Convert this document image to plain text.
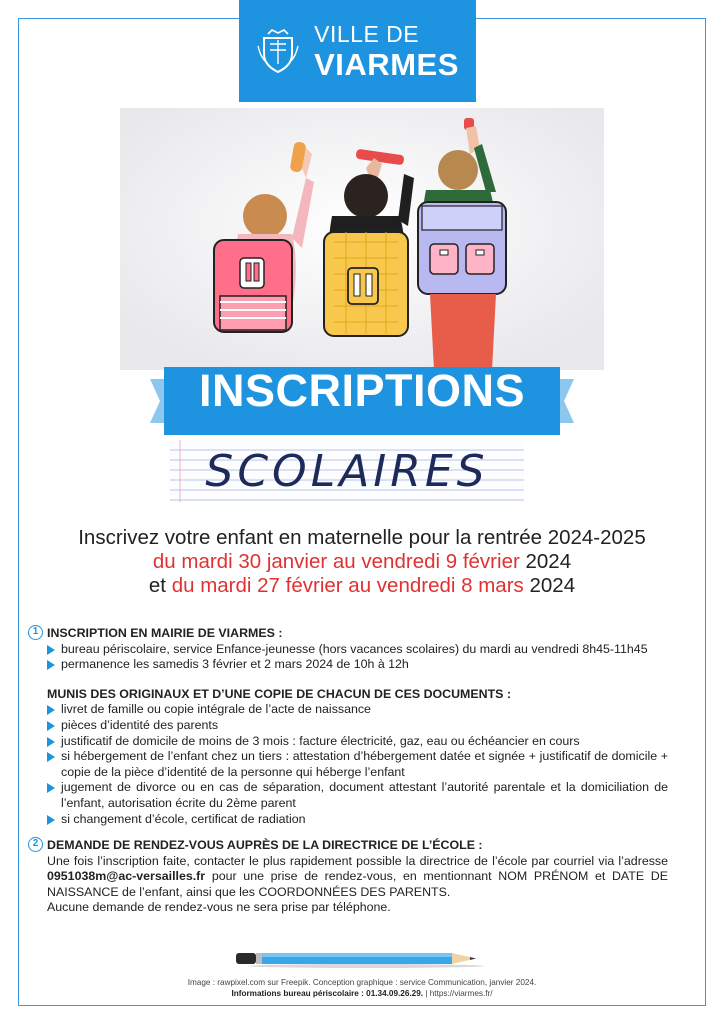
VILLE DE
VIARMES
INSCRIPTIONS
SCOLAIRES
Inscrivez votre enfant en maternelle pour la rentrée 2024-2025
du mardi 30 janvier au vendredi 9 février 2024
et du mardi 27 février au vendredi 8 mars 2024
1 INSCRIPTION EN MAIRIE DE VIARMES :
bureau périscolaire, service Enfance-jeunesse (hors vacances scolaires) du mardi au vendredi 8h45-11h45
permanence les samedis 3 février et 2 mars 2024 de 10h à 12h
MUNIS DES ORIGINAUX ET D’UNE COPIE DE CHACUN DE CES DOCUMENTS :
livret de famille ou copie intégrale de l’acte de naissance
pièces d’identité des parents
justificatif de domicile de moins de 3 mois : facture électricité, gaz, eau ou échéancier en cours
si hébergement de l’enfant chez un tiers : attestation d’hébergement datée et signée + justificatif de domicile + copie de la pièce d’identité de la personne qui héberge l’enfant
jugement de divorce ou en cas de séparation, document attestant l’autorité parentale et la domiciliation de l’enfant, autorisation écrite du 2ème parent
si changement d’école, certificat de radiation
2 DEMANDE DE RENDEZ-VOUS AUPRÈS DE LA DIRECTRICE DE L’ÉCOLE :
Une fois l’inscription faite, contacter le plus rapidement possible la directrice de l’école par courriel via l’adresse 0951038m@ac-versailles.fr pour une prise de rendez-vous, en mentionnant NOM PRÉNOM et DATE DE NAISSANCE de l’enfant, ainsi que les COORDONNÉES DES PARENTS.
Aucune demande de rendez-vous ne sera prise par téléphone.
Image : rawpixel.com sur Freepik. Conception graphique : service Communication, janvier 2024.
Informations bureau périscolaire : 01.34.09.26.29. | https://viarmes.fr/
